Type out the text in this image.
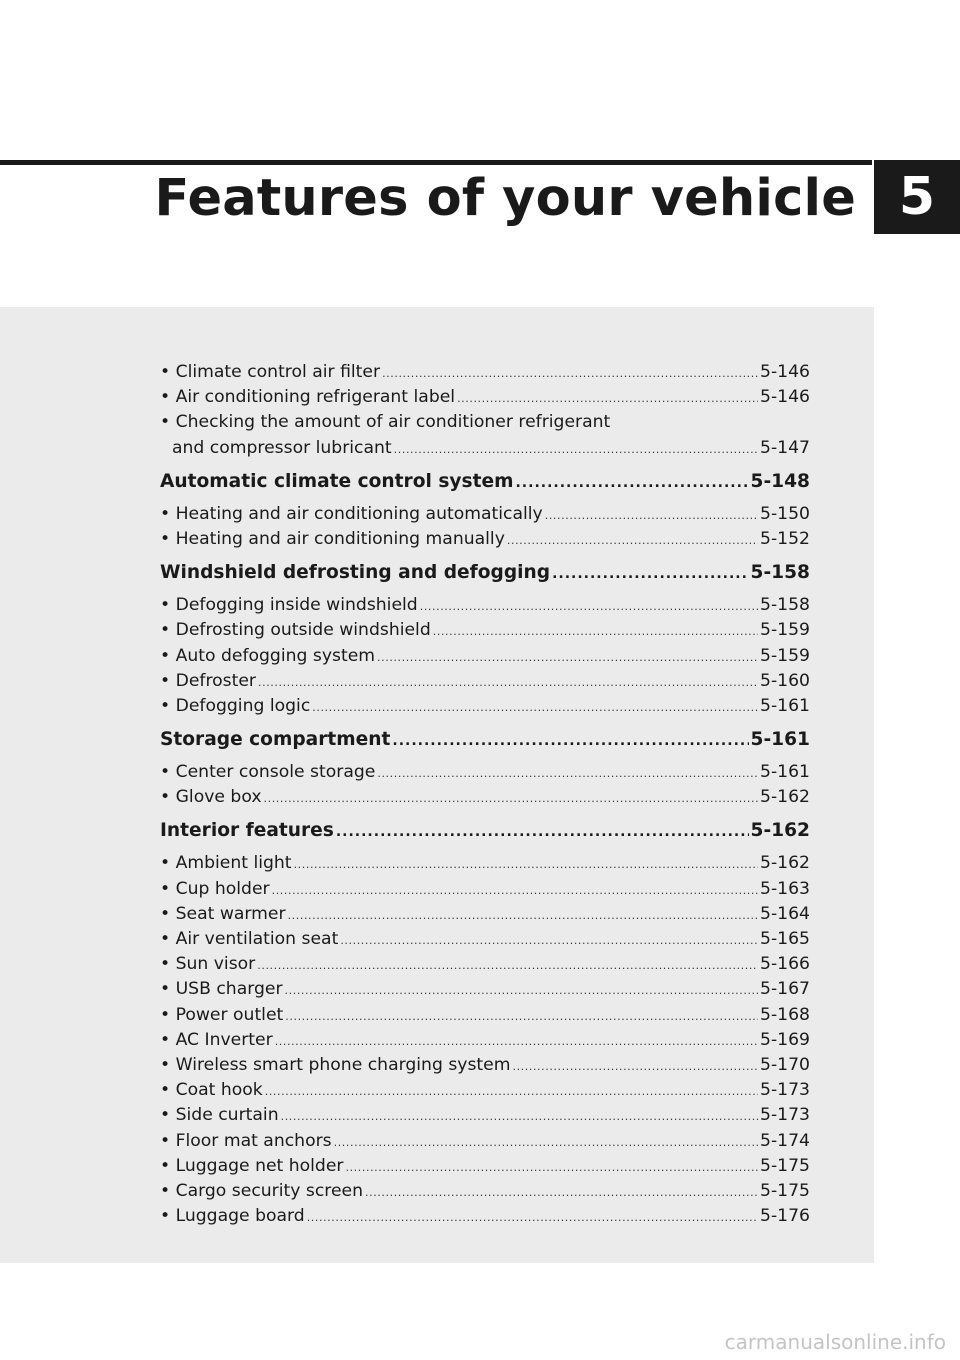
Features of your vehicle 5
• Climate control air filter .....	5-146
• Air conditioning refrigerant label .....	5-146
• Checking the amount of air conditioner refrigerant
and compressor lubricant .....	5-147
Automatic climate control system .....	5-148
• Heating and air conditioning automatically .....	5-150
• Heating and air conditioning manually .....	5-152
Windshield defrosting and defogging .....	5-158
• Defogging inside windshield .....	5-158
• Defrosting outside windshield .....	5-159
• Auto defogging system .....	5-159
• Defroster .....	5-160
• Defogging logic .....	5-161
Storage compartment .....	5-161
• Center console storage .....	5-161
• Glove box .....	5-162
Interior features .....	5-162
• Ambient light .....	5-162
• Cup holder .....	5-163
• Seat warmer .....	5-164
• Air ventilation seat .....	5-165
• Sun visor .....	5-166
• USB charger .....	5-167
• Power outlet .....	5-168
• AC Inverter .....	5-169
• Wireless smart phone charging system .....	5-170
• Coat hook .....	5-173
• Side curtain .....	5-173
• Floor mat anchors .....	5-174
• Luggage net holder .....	5-175
• Cargo security screen .....	5-175
• Luggage board .....	5-176
carmanualsonline.info
